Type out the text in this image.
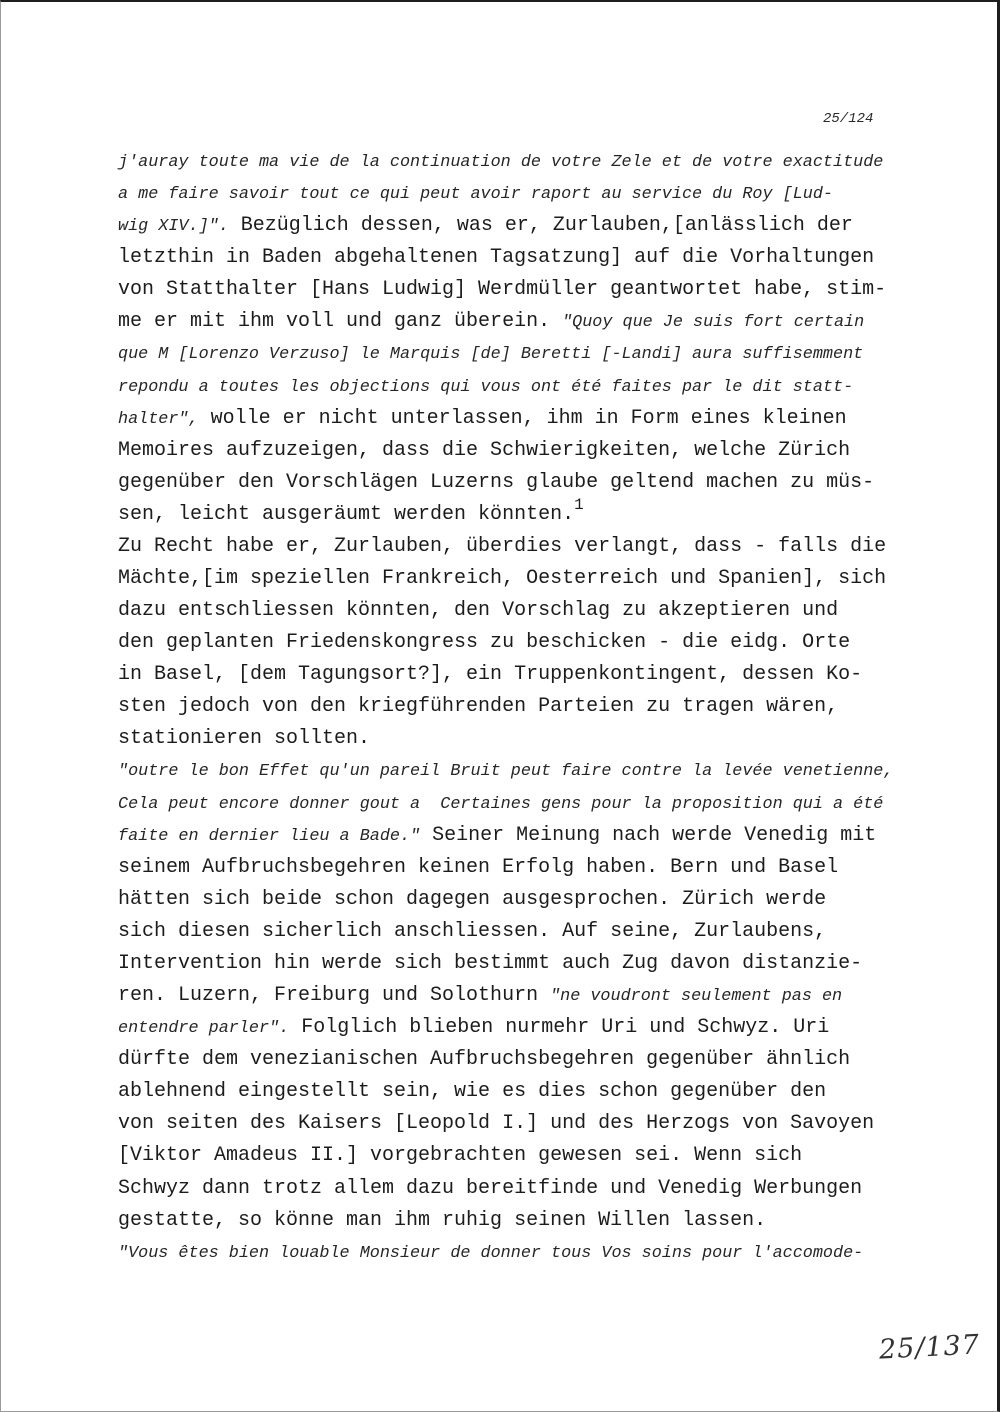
25/124
j'auray toute ma vie de la continuation de votre Zele et de votre exactitude
a me faire savoir tout ce qui peut avoir raport au service du Roy [Lud-
wig XIV.]". Bezüglich dessen, was er, Zurlauben,[anlässlich der
letzthin in Baden abgehaltenen Tagsatzung] auf die Vorhaltungen
von Statthalter [Hans Ludwig] Werdmüller geantwortet habe, stim-
me er mit ihm voll und ganz überein. "Quoy que Je suis fort certain
que M [Lorenzo Verzuso] le Marquis [de] Beretti [-Landi] aura suffisemment
repondu a toutes les objections qui vous ont été faites par le dit statt-
halter", wolle er nicht unterlassen, ihm in Form eines kleinen
Memoires aufzuzeigen, dass die Schwierigkeiten, welche Zürich
gegenüber den Vorschlägen Luzerns glaube geltend machen zu müs-
sen, leicht ausgeräumt werden könnten.1
Zu Recht habe er, Zurlauben, überdies verlangt, dass - falls die
Mächte,[im speziellen Frankreich, Oesterreich und Spanien], sich
dazu entschliessen könnten, den Vorschlag zu akzeptieren und
den geplanten Friedenskongress zu beschicken - die eidg. Orte
in Basel, [dem Tagungsort?], ein Truppenkontingent, dessen Ko-
sten jedoch von den kriegführenden Parteien zu tragen wären,
stationieren sollten.
"outre le bon Effet qu'un pareil Bruit peut faire contre la levée venetienne,
Cela peut encore donner gout a  Certaines gens pour la proposition qui a été
faite en dernier lieu a Bade." Seiner Meinung nach werde Venedig mit
seinem Aufbruchsbegehren keinen Erfolg haben. Bern und Basel
hätten sich beide schon dagegen ausgesprochen. Zürich werde
sich diesen sicherlich anschliessen. Auf seine, Zurlaubens,
Intervention hin werde sich bestimmt auch Zug davon distanzie-
ren. Luzern, Freiburg und Solothurn "ne voudront seulement pas en
entendre parler". Folglich blieben nurmehr Uri und Schwyz. Uri
dürfte dem venezianischen Aufbruchsbegehren gegenüber ähnlich
ablehnend eingestellt sein, wie es dies schon gegenüber den
von seiten des Kaisers [Leopold I.] und des Herzogs von Savoyen
[Viktor Amadeus II.] vorgebrachten gewesen sei. Wenn sich
Schwyz dann trotz allem dazu bereitfinde und Venedig Werbungen
gestatte, so könne man ihm ruhig seinen Willen lassen.
"Vous êtes bien louable Monsieur de donner tous Vos soins pour l'accomode-
25/137
